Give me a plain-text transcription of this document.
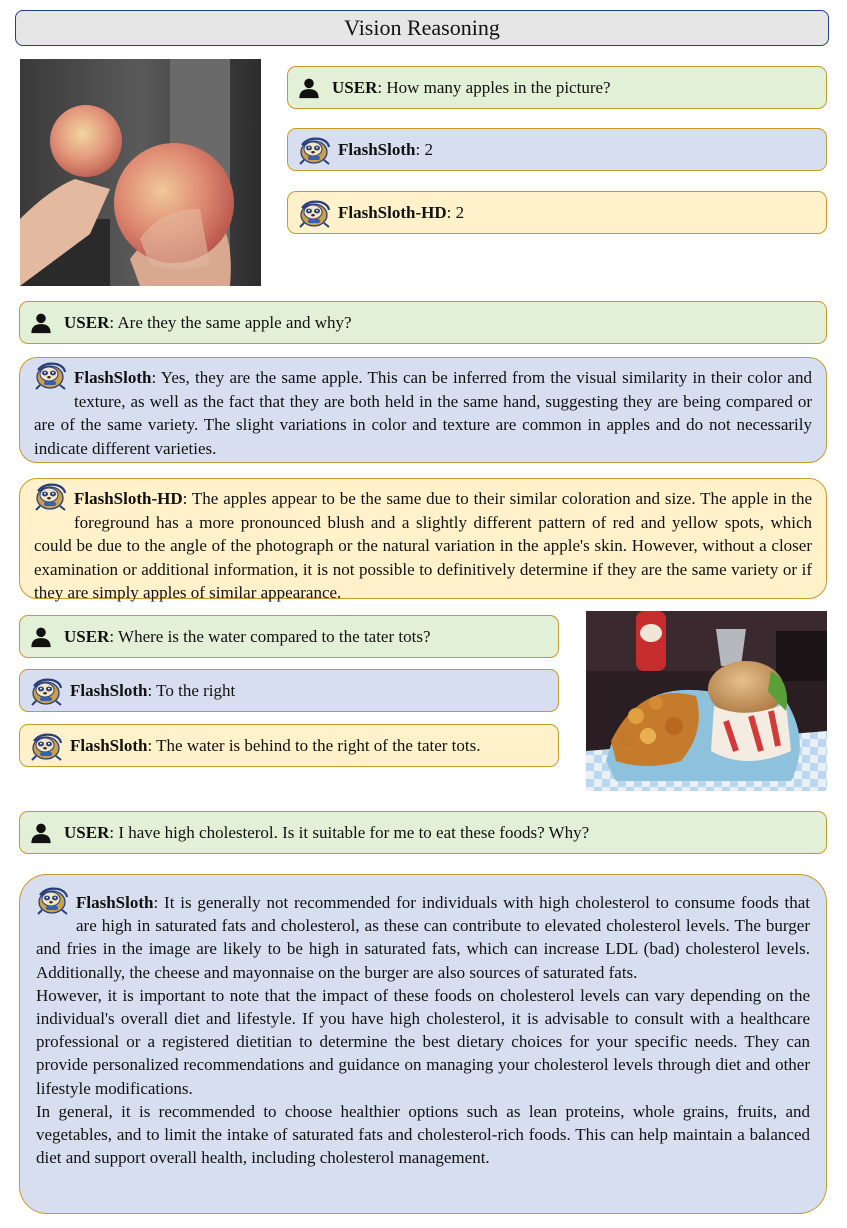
Vision Reasoning
USER: How many apples in the picture?
FlashSloth: 2
FlashSloth-HD: 2
USER: Are they the same apple and why?
FlashSloth: Yes, they are the same apple. This can be inferred from the visual similarity in their color and texture, as well as the fact that they are both held in the same hand, suggesting they are being compared or are of the same variety. The slight variations in color and texture are common in apples and do not necessarily indicate different varieties.
FlashSloth-HD: The apples appear to be the same due to their similar coloration and size. The apple in the foreground has a more pronounced blush and a slightly different pattern of red and yellow spots, which could be due to the angle of the photograph or the natural variation in the apple's skin. However, without a closer examination or additional information, it is not possible to definitively determine if they are the same variety or if they are simply apples of similar appearance.
USER: Where is the water compared to the tater tots?
FlashSloth: To the right
FlashSloth: The water is behind to the right of the tater tots.
USER: I have high cholesterol. Is it suitable for me to eat these foods? Why?
FlashSloth: It is generally not recommended for individuals with high cholesterol to consume foods that are high in saturated fats and cholesterol, as these can contribute to elevated cholesterol levels. The burger and fries in the image are likely to be high in saturated fats, which can increase LDL (bad) cholesterol levels. Additionally, the cheese and mayonnaise on the burger are also sources of saturated fats.
However, it is important to note that the impact of these foods on cholesterol levels can vary depending on the individual's overall diet and lifestyle. If you have high cholesterol, it is advisable to consult with a healthcare professional or a registered dietitian to determine the best dietary choices for your specific needs. They can provide personalized recommendations and guidance on managing your cholesterol levels through diet and other lifestyle modifications.
In general, it is recommended to choose healthier options such as lean proteins, whole grains, fruits, and vegetables, and to limit the intake of saturated fats and cholesterol-rich foods. This can help maintain a balanced diet and support overall health, including cholesterol management.
